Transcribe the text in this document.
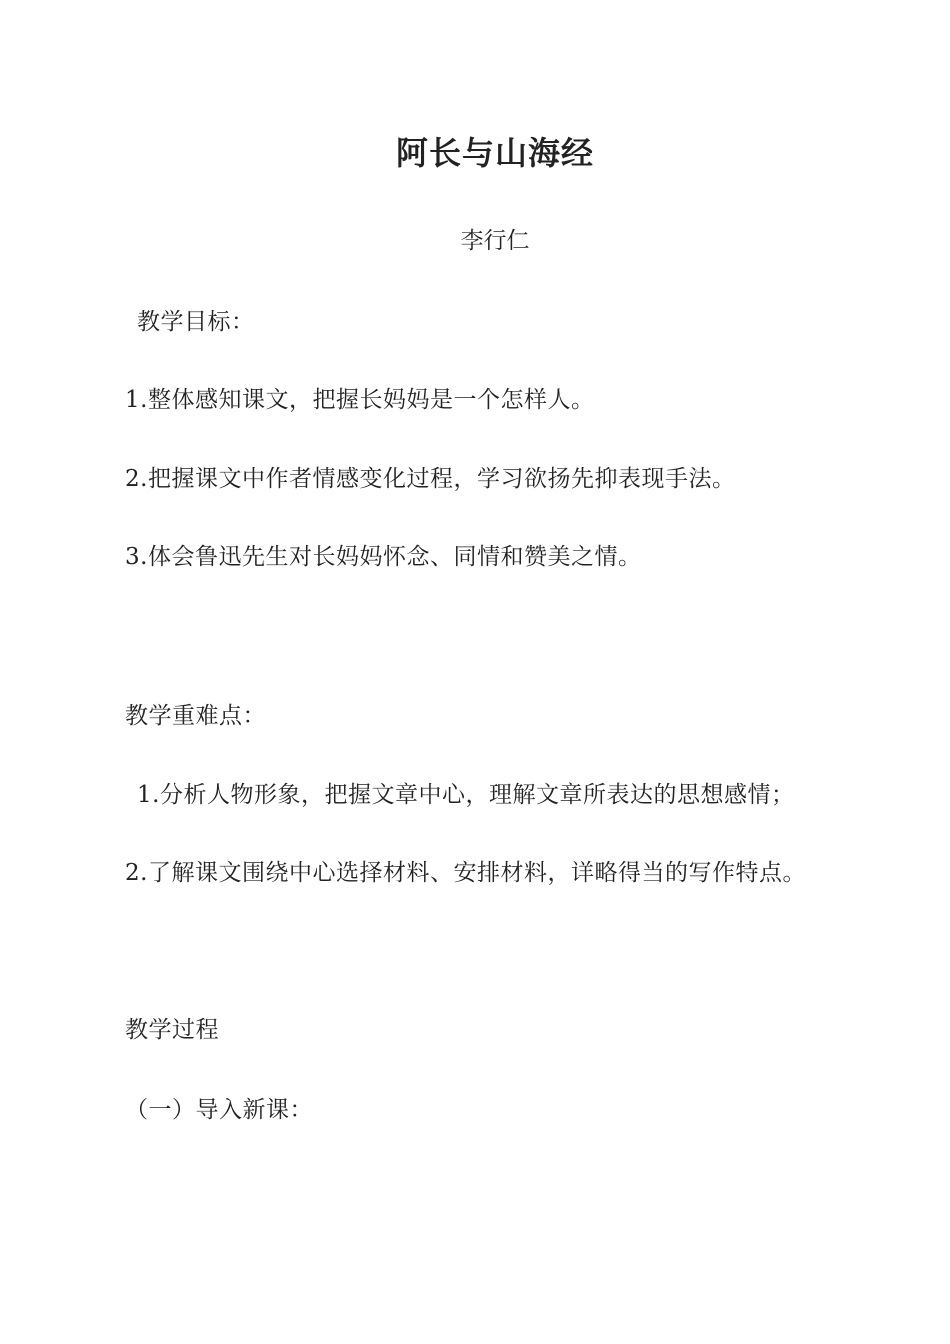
阿长与山海经
李行仁
教学目标：
1.整体感知课文，把握长妈妈是一个怎样人。
2.把握课文中作者情感变化过程，学习欲扬先抑表现手法。
3.体会鲁迅先生对长妈妈怀念、同情和赞美之情。
教学重难点：
1.分析人物形象，把握文章中心，理解文章所表达的思想感情；
2.了解课文围绕中心选择材料、安排材料，详略得当的写作特点。
教学过程
（一）导入新课：
